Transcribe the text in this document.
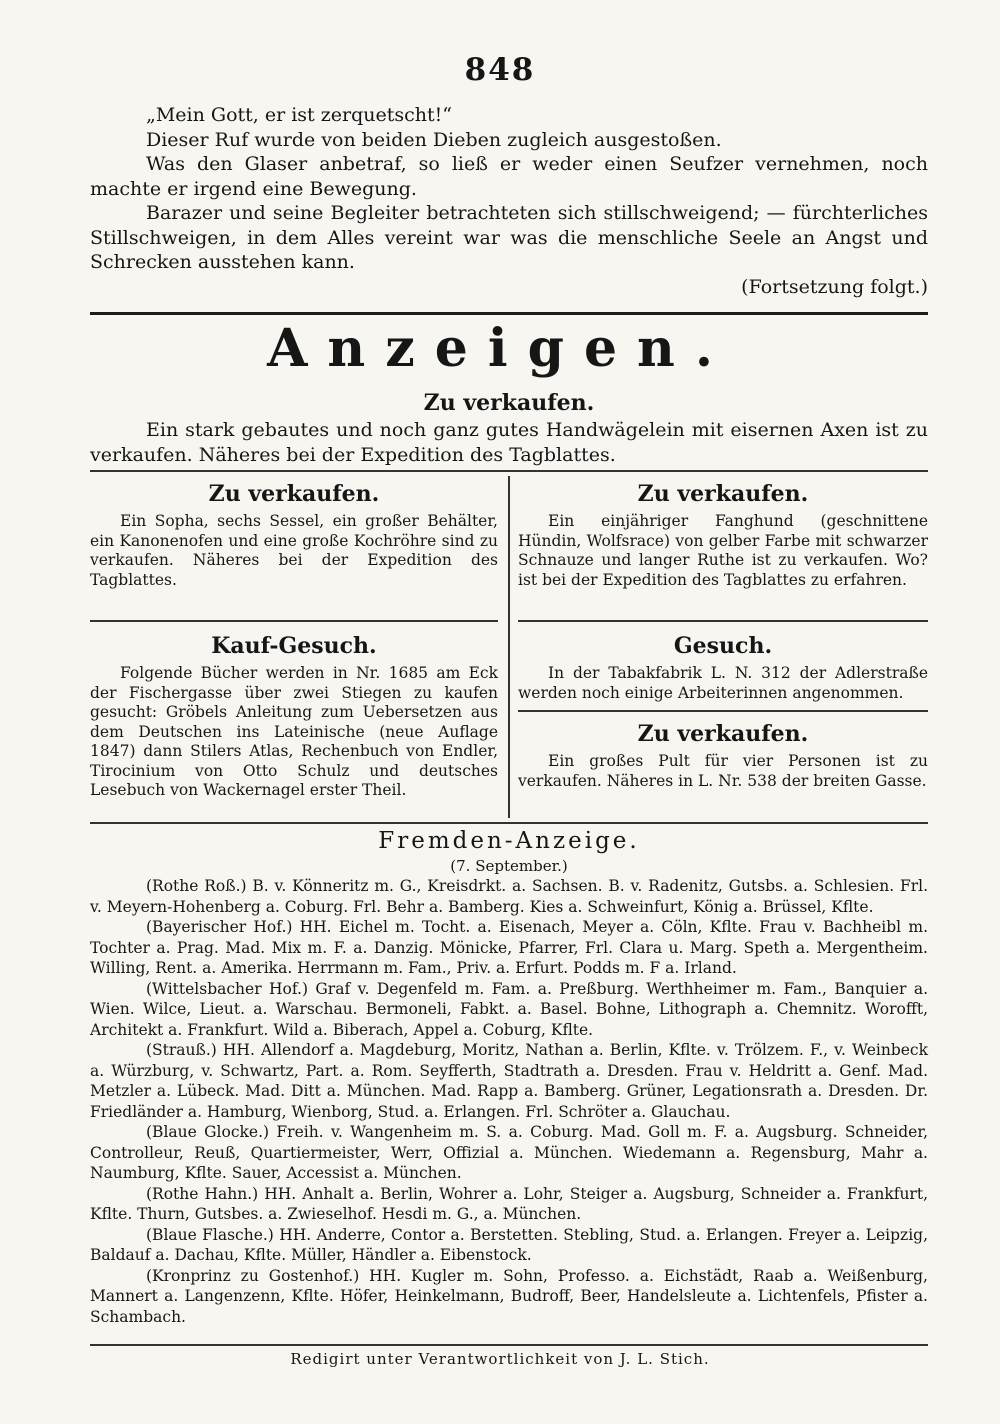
848
„Mein Gott, er ist zerquetscht!“
Dieser Ruf wurde von beiden Dieben zugleich ausgestoßen.
Was den Glaser anbetraf, so ließ er weder einen Seufzer vernehmen, noch machte er irgend eine Bewegung.
Barazer und seine Begleiter betrachteten sich stillschweigend; — fürchterliches Stillschweigen, in dem Alles vereint war was die menschliche Seele an Angst und Schrecken ausstehen kann.
(Fortsetzung folgt.)
Anzeigen.
Zu verkaufen.
Ein stark gebautes und noch ganz gutes Handwägelein mit eisernen Axen ist zu verkaufen. Näheres bei der Expedition des Tagblattes.
Zu verkaufen.
Ein Sopha, sechs Sessel, ein großer Behälter, ein Kanonenofen und eine große Kochröhre sind zu verkaufen. Näheres bei der Expedition des Tagblattes.
Kauf-Gesuch.
Folgende Bücher werden in Nr. 1685 am Eck der Fischergasse über zwei Stiegen zu kaufen gesucht: Gröbels Anleitung zum Uebersetzen aus dem Deutschen ins Lateinische (neue Auflage 1847) dann Stilers Atlas, Rechenbuch von Endler, Tirocinium von Otto Schulz und deutsches Lesebuch von Wackernagel erster Theil.
Zu verkaufen.
Ein einjähriger Fanghund (geschnittene Hündin, Wolfsrace) von gelber Farbe mit schwarzer Schnauze und langer Ruthe ist zu verkaufen. Wo? ist bei der Expedition des Tagblattes zu erfahren.
Gesuch.
In der Tabakfabrik L. N. 312 der Adlerstraße werden noch einige Arbeiterinnen angenommen.
Zu verkaufen.
Ein großes Pult für vier Personen ist zu verkaufen. Näheres in L. Nr. 538 der breiten Gasse.
Fremden-Anzeige.
(7. September.)
(Rothe Roß.) B. v. Könneritz m. G., Kreisdrkt. a. Sachsen. B. v. Radenitz, Gutsbs. a. Schlesien. Frl. v. Meyern-Hohenberg a. Coburg. Frl. Behr a. Bamberg. Kies a. Schweinfurt, König a. Brüssel, Kflte.
(Bayerischer Hof.) HH. Eichel m. Tocht. a. Eisenach, Meyer a. Cöln, Kflte. Frau v. Bachheibl m. Tochter a. Prag. Mad. Mix m. F. a. Danzig. Mönicke, Pfarrer, Frl. Clara u. Marg. Speth a. Mergentheim. Willing, Rent. a. Amerika. Herrmann m. Fam., Priv. a. Erfurt. Podds m. F a. Irland.
(Wittelsbacher Hof.) Graf v. Degenfeld m. Fam. a. Preßburg. Werthheimer m. Fam., Banquier a. Wien. Wilce, Lieut. a. Warschau. Bermoneli, Fabkt. a. Basel. Bohne, Lithograph a. Chemnitz. Worofft, Architekt a. Frankfurt. Wild a. Biberach, Appel a. Coburg, Kflte.
(Strauß.) HH. Allendorf a. Magdeburg, Moritz, Nathan a. Berlin, Kflte. v. Trölzem. F., v. Weinbeck a. Würzburg, v. Schwartz, Part. a. Rom. Seyfferth, Stadtrath a. Dresden. Frau v. Heldritt a. Genf. Mad. Metzler a. Lübeck. Mad. Ditt a. München. Mad. Rapp a. Bamberg. Grüner, Legationsrath a. Dresden. Dr. Friedländer a. Hamburg, Wienborg, Stud. a. Erlangen. Frl. Schröter a. Glauchau.
(Blaue Glocke.) Freih. v. Wangenheim m. S. a. Coburg. Mad. Goll m. F. a. Augsburg. Schneider, Controlleur, Reuß, Quartiermeister, Werr, Offizial a. München. Wiedemann a. Regensburg, Mahr a. Naumburg, Kflte. Sauer, Accessist a. München.
(Rothe Hahn.) HH. Anhalt a. Berlin, Wohrer a. Lohr, Steiger a. Augsburg, Schneider a. Frankfurt, Kflte. Thurn, Gutsbes. a. Zwieselhof. Hesdi m. G., a. München.
(Blaue Flasche.) HH. Anderre, Contor a. Berstetten. Stebling, Stud. a. Erlangen. Freyer a. Leipzig, Baldauf a. Dachau, Kflte. Müller, Händler a. Eibenstock.
(Kronprinz zu Gostenhof.) HH. Kugler m. Sohn, Professo. a. Eichstädt, Raab a. Weißenburg, Mannert a. Langenzenn, Kflte. Höfer, Heinkelmann, Budroff, Beer, Handelsleute a. Lichtenfels, Pfister a. Schambach.
Redigirt unter Verantwortlichkeit von J. L. Stich.
